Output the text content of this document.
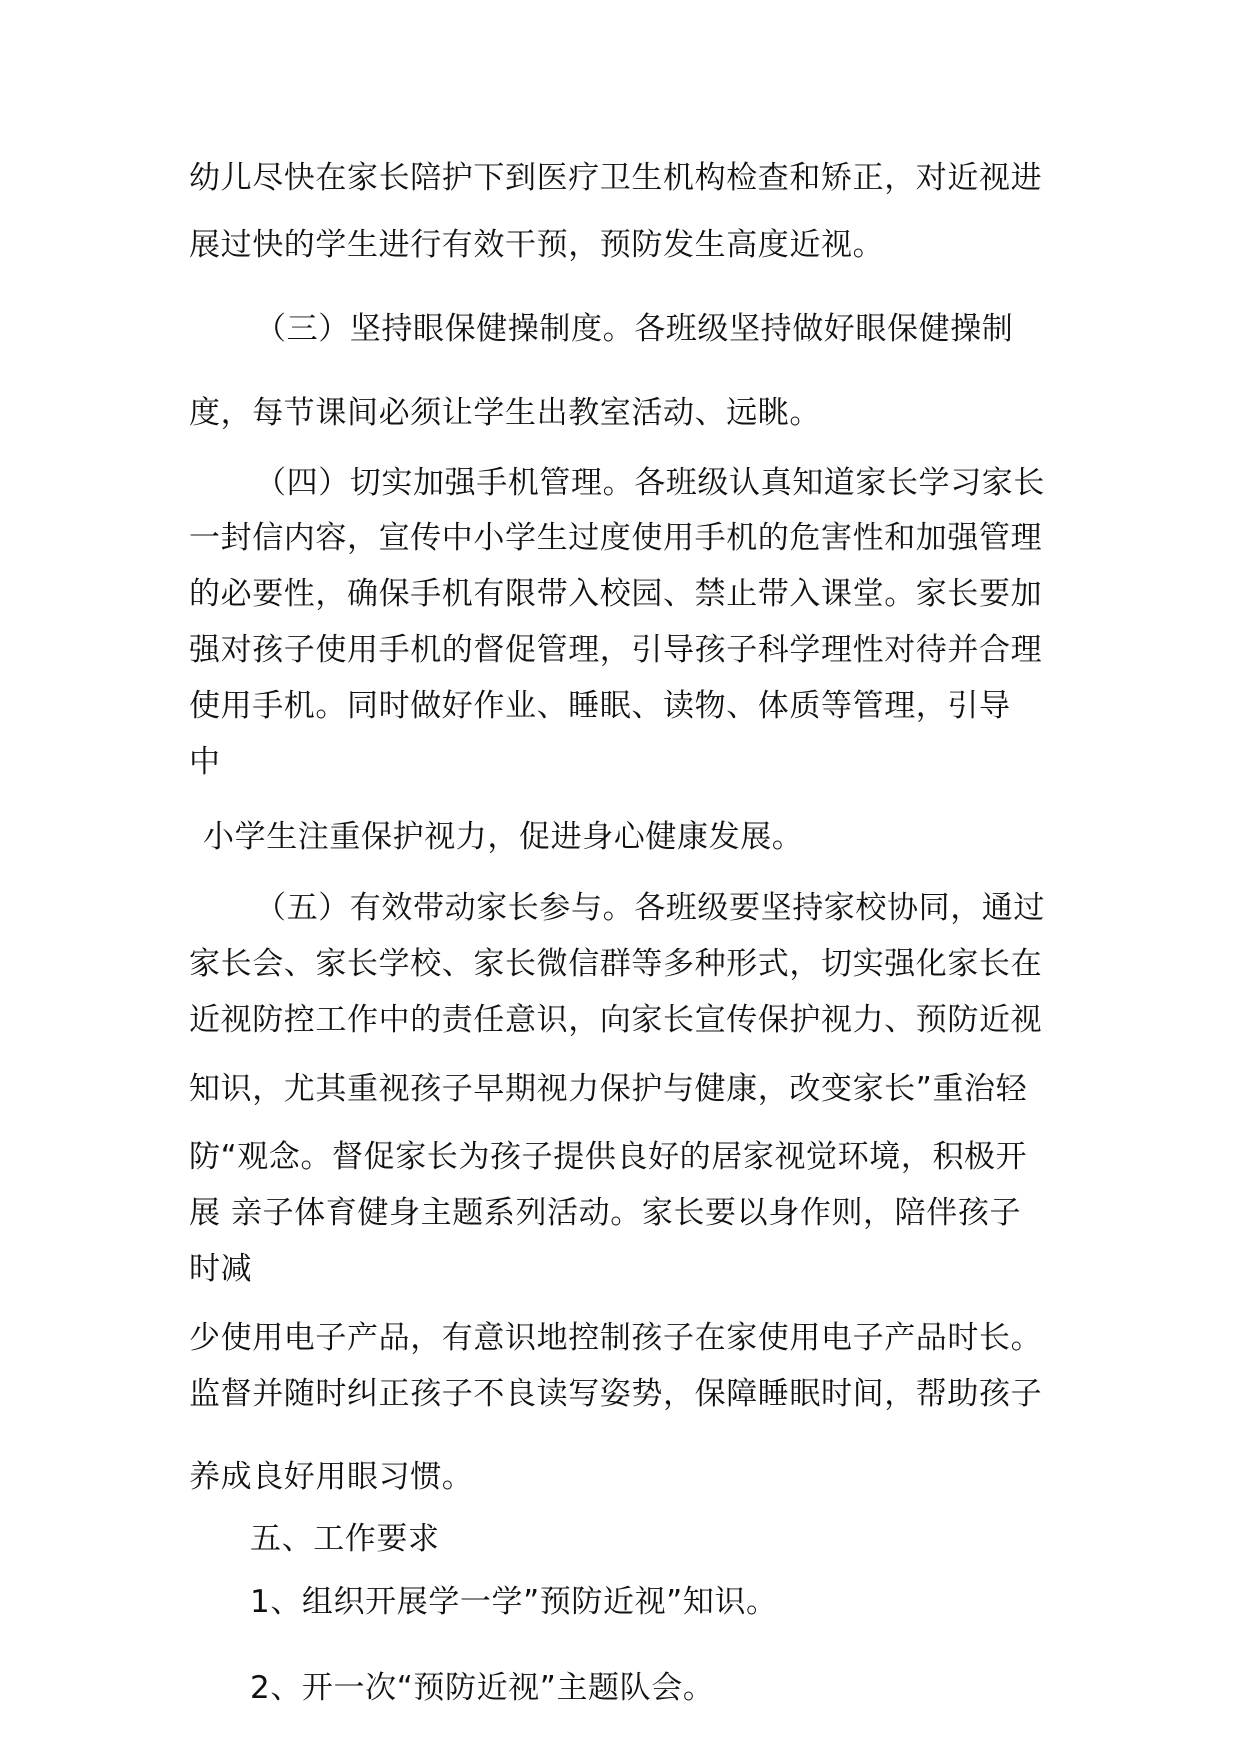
幼儿尽快在家长陪护下到医疗卫生机构检查和矫正，对近视进

展过快的学生进行有效干预，预防发生高度近视。

（三）坚持眼保健操制度。各班级坚持做好眼保健操制

度，每节课间必须让学生出教室活动、远眺。

（四）切实加强手机管理。各班级认真知道家长学习家长

一封信内容，宣传中小学生过度使用手机的危害性和加强管理

的必要性，确保手机有限带入校园、禁止带入课堂。家长要加

强对孩子使用手机的督促管理，引导孩子科学理性对待并合理

使用手机。同时做好作业、睡眠、读物、体质等管理，引导

中

小学生注重保护视力，促进身心健康发展。

（五）有效带动家长参与。各班级要坚持家校协同，通过

家长会、家长学校、家长微信群等多种形式，切实强化家长在

近视防控工作中的责任意识，向家长宣传保护视力、预防近视

知识，尤其重视孩子早期视力保护与健康，改变家长”重治轻

防“观念。督促家长为孩子提供良好的居家视觉环境，积极开

展 亲子体育健身主题系列活动。家长要以身作则，陪伴孩子

时减

少使用电子产品，有意识地控制孩子在家使用电子产品时长。

监督并随时纠正孩子不良读写姿势，保障睡眠时间，帮助孩子

养成良好用眼习惯。

五、工作要求

1、组织开展学一学”预防近视”知识。

2、开一次“预防近视”主题队会。
